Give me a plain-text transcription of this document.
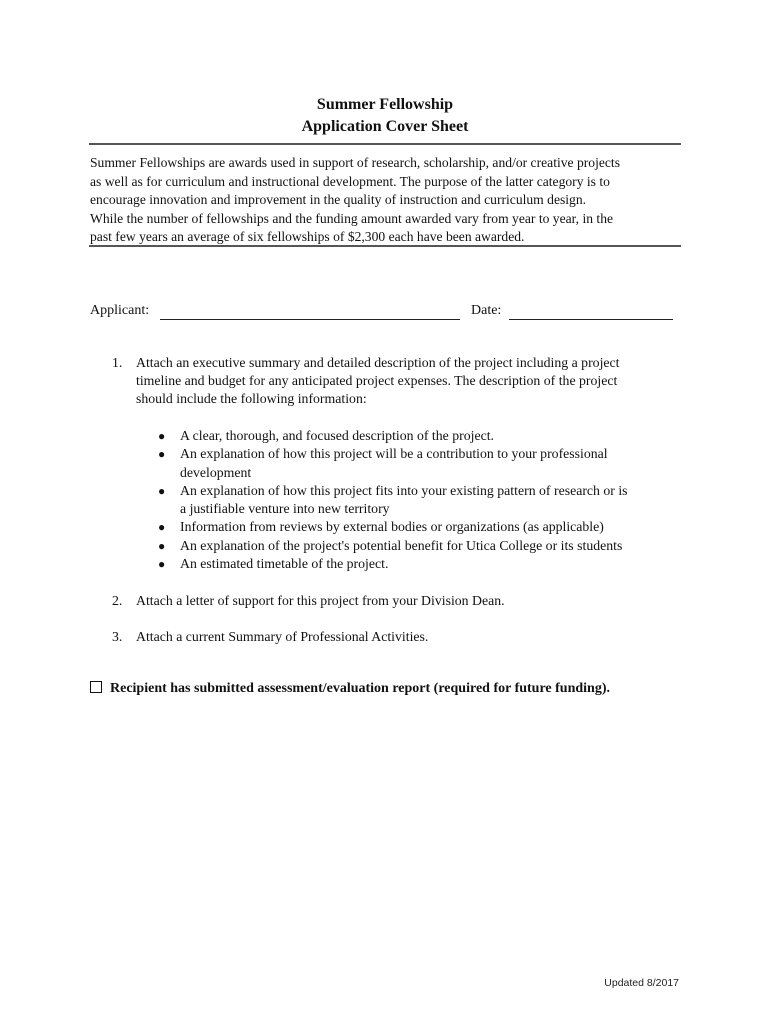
Summer Fellowship
Application Cover Sheet
Summer Fellowships are awards used in support of research, scholarship, and/or creative projects
as well as for curriculum and instructional development. The purpose of the latter category is to
encourage innovation and improvement in the quality of instruction and curriculum design.
While the number of fellowships and the funding amount awarded vary from year to year, in the
past few years an average of six fellowships of $2,300 each have been awarded.
Applicant:	Date:
1. Attach an executive summary and detailed description of the project including a project
timeline and budget for any anticipated project expenses. The description of the project
should include the following information:
● A clear, thorough, and focused description of the project.
● An explanation of how this project will be a contribution to your professional
development
● An explanation of how this project fits into your existing pattern of research or is
a justifiable venture into new territory
● Information from reviews by external bodies or organizations (as applicable)
● An explanation of the project's potential benefit for Utica College or its students
● An estimated timetable of the project.
2. Attach a letter of support for this project from your Division Dean.
3. Attach a current Summary of Professional Activities.
Recipient has submitted assessment/evaluation report (required for future funding).
Updated 8/2017
